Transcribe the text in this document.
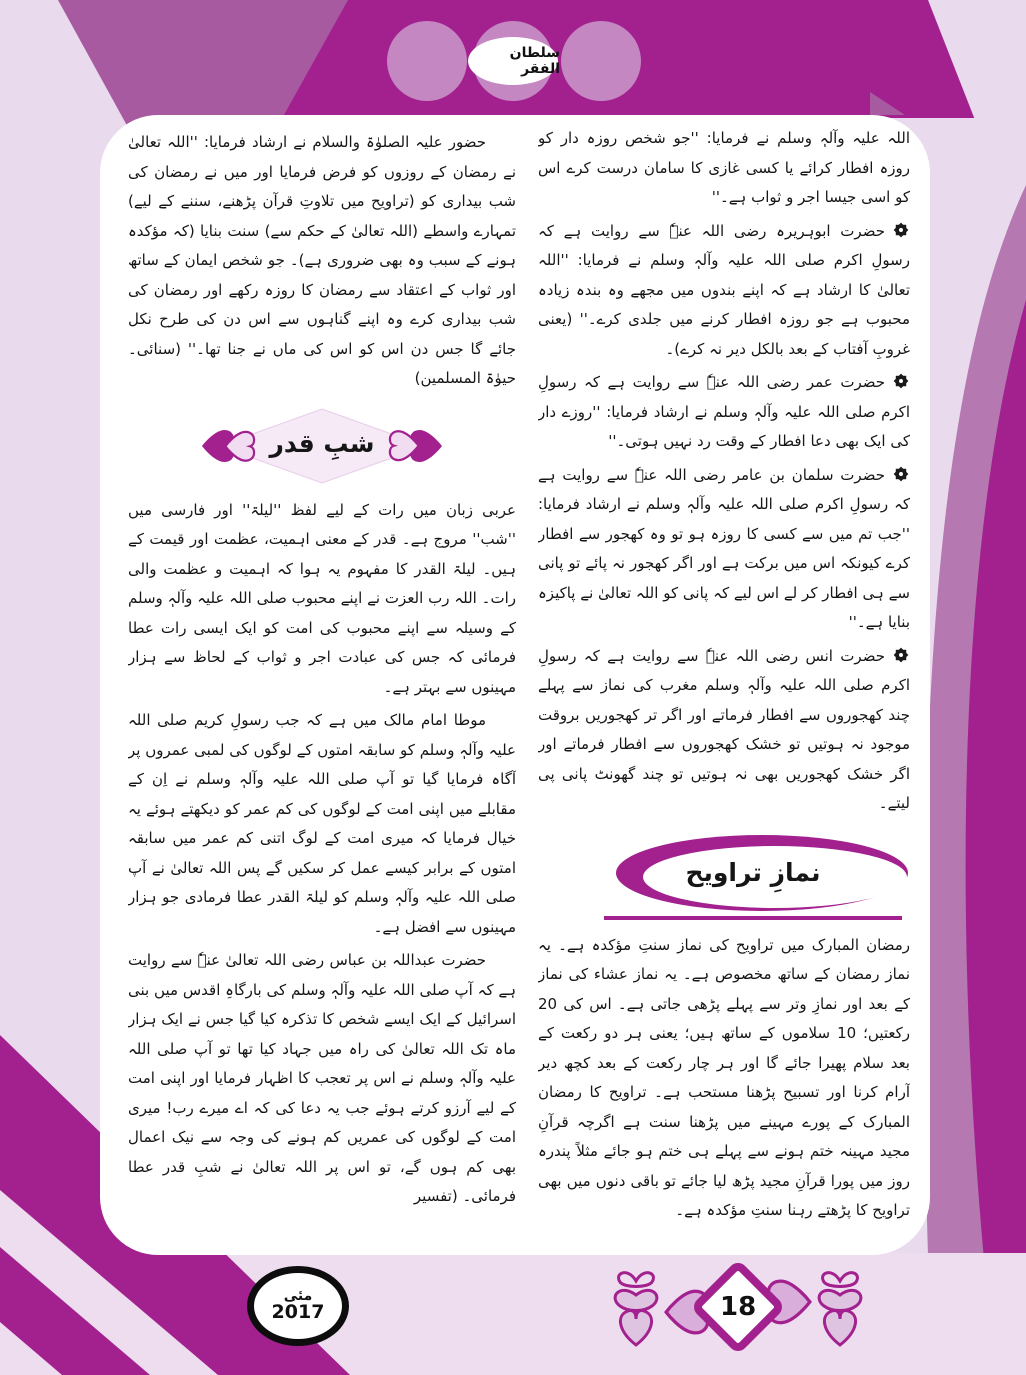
سلطان الفقر

حضور علیہ الصلوٰۃ والسلام نے ارشاد فرمایا: ''اللہ تعالیٰ نے رمضان کے روزوں کو فرض فرمایا اور میں نے رمضان کی شب بیداری کو (تراویح میں تلاوتِ قرآن پڑھنے، سننے کے لیے) تمہارے واسطے (اللہ تعالیٰ کے حکم سے) سنت بنایا (کہ مؤکدہ ہونے کے سبب وہ بھی ضروری ہے)۔ جو شخص ایمان کے ساتھ اور ثواب کے اعتقاد سے رمضان کا روزہ رکھے اور رمضان کی شب بیداری کرے وہ اپنے گناہوں سے اس دن کی طرح نکل جائے گا جس دن اس کو اس کی ماں نے جنا تھا۔'' (سنائی۔حیوٰۃ المسلمین)

شبِ قدر

عربی زبان میں رات کے لیے لفظ ''لیلۃ'' اور فارسی میں ''شب'' مروج ہے۔ قدر کے معنی اہمیت، عظمت اور قیمت کے ہیں۔ لیلۃ القدر کا مفہوم یہ ہوا کہ اہمیت و عظمت والی رات۔ اللہ رب العزت نے اپنے محبوب صلی اللہ علیہ وآلہٖ وسلم کے وسیلہ سے اپنے محبوب کی امت کو ایک ایسی رات عطا فرمائی کہ جس کی عبادت اجر و ثواب کے لحاظ سے ہزار مہینوں سے بہتر ہے۔

موطا امام مالک میں ہے کہ جب رسولِ کریم صلی اللہ علیہ وآلہٖ وسلم کو سابقہ امتوں کے لوگوں کی لمبی عمروں پر آگاہ فرمایا گیا تو آپ صلی اللہ علیہ وآلہٖ وسلم نے اِن کے مقابلے میں اپنی امت کے لوگوں کی کم عمر کو دیکھتے ہوئے یہ خیال فرمایا کہ میری امت کے لوگ اتنی کم عمر میں سابقہ امتوں کے برابر کیسے عمل کر سکیں گے پس اللہ تعالیٰ نے آپ صلی اللہ علیہ وآلہٖ وسلم کو لیلۃ القدر عطا فرمادی جو ہزار مہینوں سے افضل ہے۔

حضرت عبداللہ بن عباس رضی اللہ تعالیٰ عنہٗ سے روایت ہے کہ آپ صلی اللہ علیہ وآلہٖ وسلم کی بارگاہِ اقدس میں بنی اسرائیل کے ایک ایسے شخص کا تذکرہ کیا گیا جس نے ایک ہزار ماہ تک اللہ تعالیٰ کی راہ میں جہاد کیا تھا تو آپ صلی اللہ علیہ وآلہٖ وسلم نے اس پر تعجب کا اظہار فرمایا اور اپنی امت کے لیے آرزو کرتے ہوئے جب یہ دعا کی کہ اے میرے رب! میری امت کے لوگوں کی عمریں کم ہونے کی وجہ سے نیک اعمال بھی کم ہوں گے، تو اس پر اللہ تعالیٰ نے شبِ قدر عطا فرمائی۔ (تفسیر

اللہ علیہ وآلہٖ وسلم نے فرمایا: ''جو شخص روزہ دار کو روزہ افطار کرائے یا کسی غازی کا سامان درست کرے اس کو اسی جیسا اجر و ثواب ہے۔''

حضرت ابوہریرہ رضی اللہ عنہٗ سے روایت ہے کہ رسولِ اکرم صلی اللہ علیہ وآلہٖ وسلم نے فرمایا: ''اللہ تعالیٰ کا ارشاد ہے کہ اپنے بندوں میں مجھے وہ بندہ زیادہ محبوب ہے جو روزہ افطار کرنے میں جلدی کرے۔'' (یعنی غروبِ آفتاب کے بعد بالکل دیر نہ کرے)۔

حضرت عمر رضی اللہ عنہٗ سے روایت ہے کہ رسولِ اکرم صلی اللہ علیہ وآلہٖ وسلم نے ارشاد فرمایا: ''روزے دار کی ایک بھی دعا افطار کے وقت رد نہیں ہوتی۔''

حضرت سلمان بن عامر رضی اللہ عنہٗ سے روایت ہے کہ رسولِ اکرم صلی اللہ علیہ وآلہٖ وسلم نے ارشاد فرمایا: ''جب تم میں سے کسی کا روزہ ہو تو وہ کھجور سے افطار کرے کیونکہ اس میں برکت ہے اور اگر کھجور نہ پائے تو پانی سے ہی افطار کر لے اس لیے کہ پانی کو اللہ تعالیٰ نے پاکیزہ بنایا ہے۔''

حضرت انس رضی اللہ عنہٗ سے روایت ہے کہ رسولِ اکرم صلی اللہ علیہ وآلہٖ وسلم مغرب کی نماز سے پہلے چند کھجوروں سے افطار فرماتے اور اگر تر کھجوریں بروقت موجود نہ ہوتیں تو خشک کھجوروں سے افطار فرماتے اور اگر خشک کھجوریں بھی نہ ہوتیں تو چند گھونٹ پانی پی لیتے۔

نمازِ تراویح

رمضان المبارک میں تراویح کی نماز سنتِ مؤکدہ ہے۔ یہ نماز رمضان کے ساتھ مخصوص ہے۔ یہ نماز عشاء کی نماز کے بعد اور نمازِ وتر سے پہلے پڑھی جاتی ہے۔ اس کی 20 رکعتیں؛ 10 سلاموں کے ساتھ ہیں؛ یعنی ہر دو رکعت کے بعد سلام پھیرا جائے گا اور ہر چار رکعت کے بعد کچھ دیر آرام کرنا اور تسبیح پڑھنا مستحب ہے۔ تراویح کا رمضان المبارک کے پورے مہینے میں پڑھنا سنت ہے اگرچہ قرآنِ مجید مہینہ ختم ہونے سے پہلے ہی ختم ہو جائے مثلاً پندرہ روز میں پورا قرآنِ مجید پڑھ لیا جائے تو باقی دنوں میں بھی تراویح کا پڑھتے رہنا سنتِ مؤکدہ ہے۔

مئی
2017	18
